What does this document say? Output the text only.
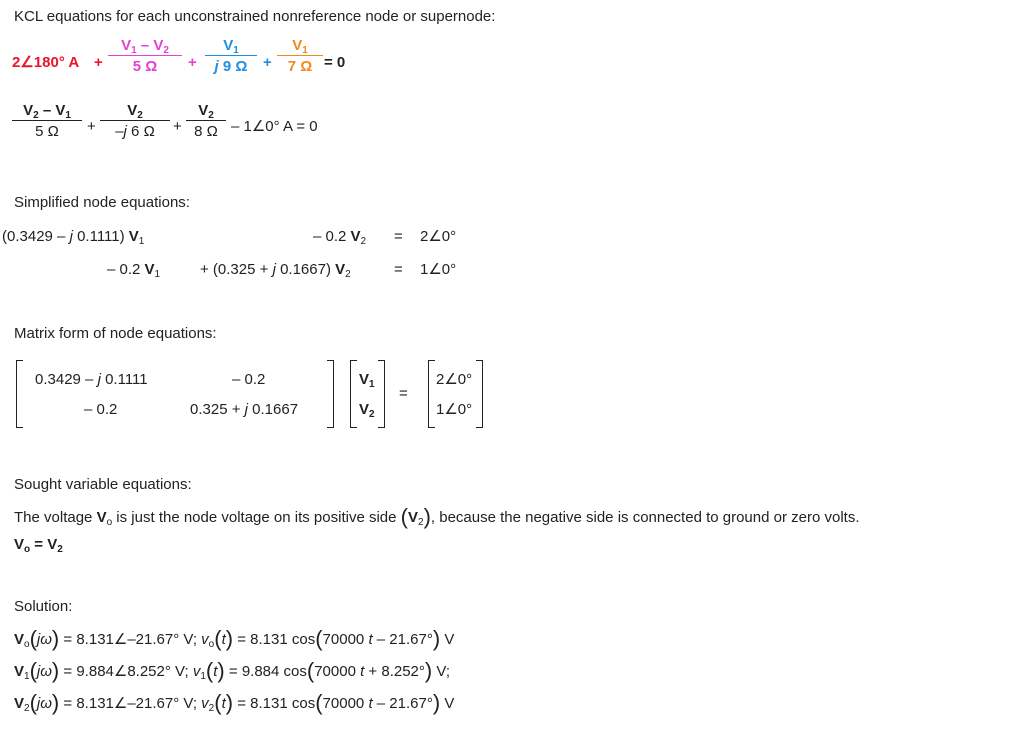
KCL equations for each unconstrained nonreference node or supernode:
2∠180° A +
$V_1 - V_2$
5 Ω	+
$V_1$
j 9 Ω	+
$V_1$
7 Ω = 0
$V_2 - V_1$
5 Ω	+
$V_2$
–j 6 Ω	+
$V_2$
8 Ω – 1∠0° A = 0
Simplified node equations:
(0.3429 – j 0.1111) $V_1$	– 0.2 $V_2$ = 2∠0°
– 0.2 $V_1$	+ (0.325 + j 0.1667) $V_2$	= 1∠0°
Matrix form of node equations:
0.3429 – j 0.1111	– 0.2
– 0.2	0.325 + j 0.1667
$V_1$
$V_2$
=
2∠0°
1∠0°
Sought variable equations:
The voltage $V_o$ is just the node voltage on its positive side $(V_2)$, because the negative side is connected to ground or zero volts.
$V_o = V_2$
Solution:
$V_o(j\omega)$ = 8.131∠–21.67° V; $v_o(t) = 8.131$ cos(70000 t – 21.67°) V
$V_1(j\omega)$ = 9.884∠8.252° V; $v_1(t) = 9.884$ cos(70000 t + 8.252°) V;
$V_2(j\omega)$ = 8.131∠–21.67° V; $v_2(t) = 8.131$ cos(70000 t – 21.67°) V
